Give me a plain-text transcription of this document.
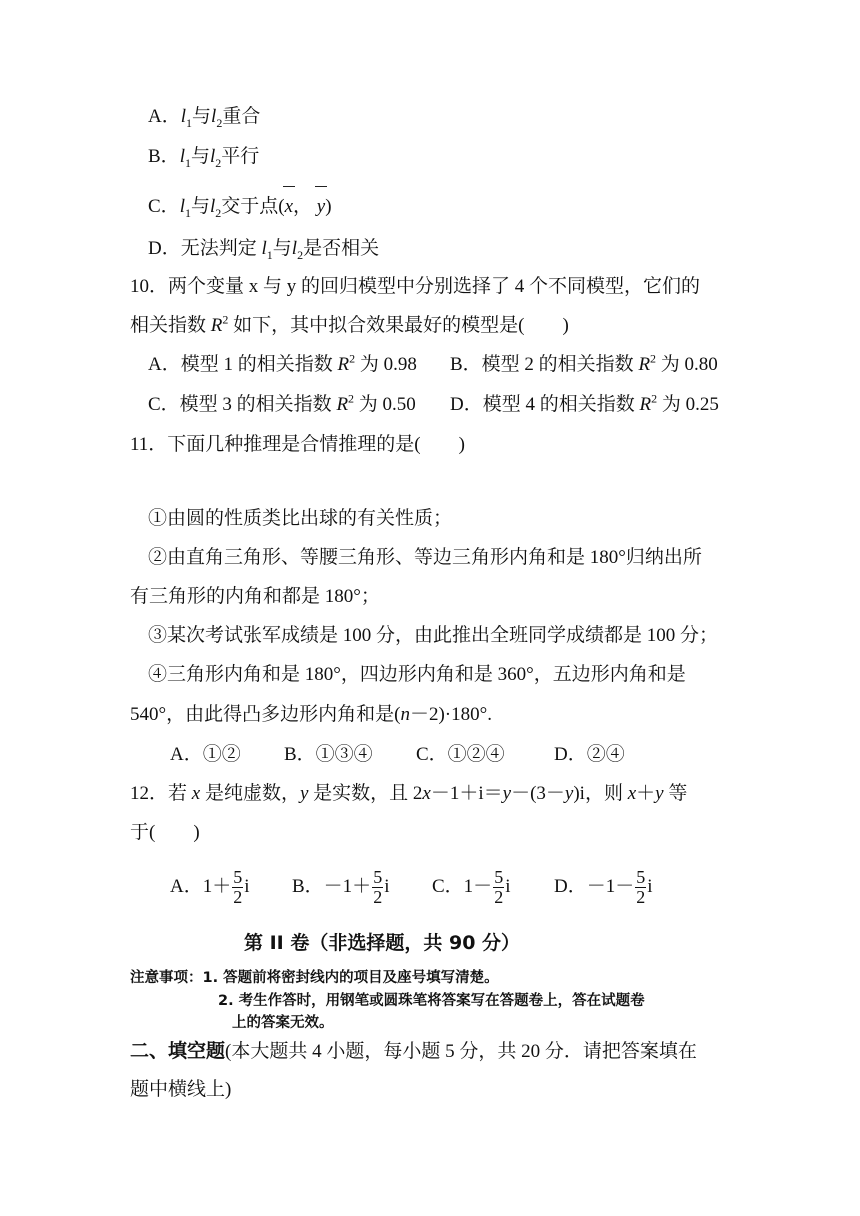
A．$l_1$与$l_2$重合
B．$l_1$与$l_2$平行
C．$l_1$与$l_2$交于点(x， y)
D．无法判定 $l_1$与$l_2$是否相关
10．两个变量 x 与 y 的回归模型中分别选择了 4 个不同模型，它们的
相关指数 $R^2$ 如下，其中拟合效果最好的模型是(　　)
A．模型 1 的相关指数 $R^2$ 为 0.98 B．模型 2 的相关指数 $R^2$ 为 0.80
C．模型 3 的相关指数 $R^2$ 为 0.50 D．模型 4 的相关指数 $R^2$ 为 0.25
11．下面几种推理是合情推理的是(　　)
①由圆的性质类比出球的有关性质；
②由直角三角形、等腰三角形、等边三角形内角和是 180°归纳出所
有三角形的内角和都是 180°；
③某次考试张军成绩是 100 分，由此推出全班同学成绩都是 100 分；
④三角形内角和是 180°，四边形内角和是 360°，五边形内角和是
540°，由此得凸多边形内角和是(n－2)·180°.
A．①② B．①③④ C．①②④	D．②④
12．若 x 是纯虚数，y 是实数，且 2x－1＋i＝y－(3－y)i，则 x＋y 等
于(　　)
A．$1+ \frac{5}{2}$ i B．$-1+ \frac{5}{2}$ i C．$1- \frac{5}{2}$ i D．$-1- \frac{5}{2}$ i
第 II 卷（非选择题，共 90 分）
注意事项：1. 答题前将密封线内的项目及座号填写清楚。
2. 考生作答时，用钢笔或圆珠笔将答案写在答题卷上，答在试题卷
上的答案无效。
二、填空题(本大题共 4 小题，每小题 5 分，共 20 分．请把答案填在
题中横线上)
